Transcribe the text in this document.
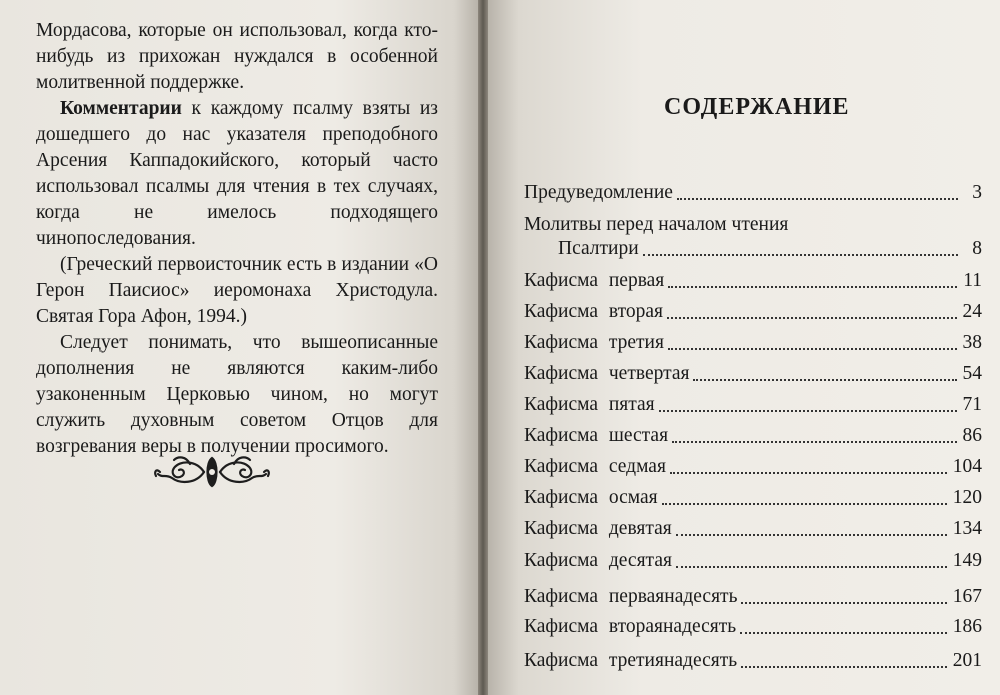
Мордасова, которые он использовал, когда кто-нибудь из прихожан нуждался в особенной молитвенной поддержке.

Комментарии к каждому псалму взяты из дошедшего до нас указателя преподобного Арсения Каппадокийского, который часто использовал псалмы для чтения в тех случаях, когда не имелось подходящего чинопоследования.

(Греческий первоисточник есть в издании «О Герон Паисиос» иеромонаха Христодула. Святая Гора Афон, 1994.)

Следует понимать, что вышеописанные дополнения не являются каким-либо узаконенным Церковью чином, но могут служить духовным советом Отцов для возгревания веры в получении просимого.

СОДЕРЖАНИЕ
Предуведомление	3
Молитвы перед началом чтения
Псалтири	8
Кафисма первая	11
Кафисма вторая	24
Кафисма третия	38
Кафисма четвертая	54
Кафисма пятая	71
Кафисма шестая	86
Кафисма седмая	104
Кафисма осмая	120
Кафисма девятая	134
Кафисма десятая	149
Кафисма перваянадесять	167
Кафисма втораянадесять	186
Кафисма третиянадесять	201
